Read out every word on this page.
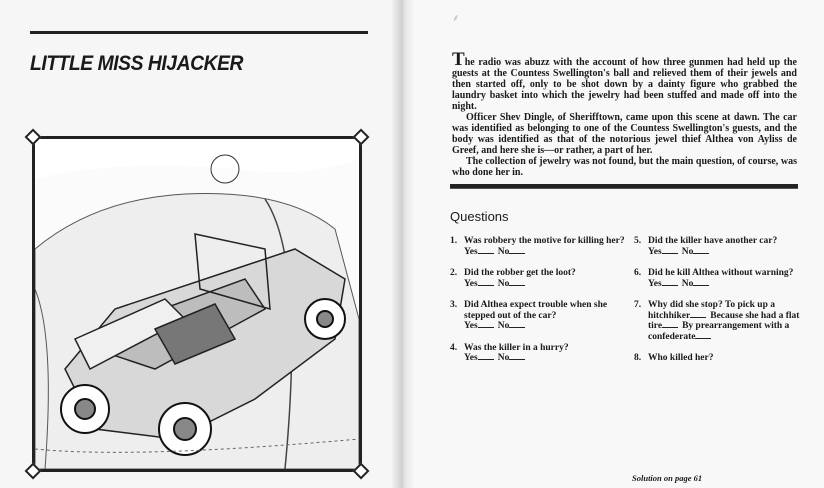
LITTLE MISS HIJACKER
⸙

The radio was abuzz with the account of how three gunmen had held up the guests at the Countess Swellington's ball and relieved them of their jewels and then started off, only to be shot down by a dainty figure who grabbed the laundry basket into which the jewelry had been stuffed and made off into the night.

Officer Shev Dingle, of Sherifftown, came upon this scene at dawn. The car was identified as belonging to one of the Countess Swellington's guests, and the body was identified as that of the notorious jewel thief Althea von Ayliss de Greef, and here she is—or rather, a part of her.

The collection of jewelry was not found, but the main question, of course, was who done her in.

Questions
1. Was robbery the motive for killing her? Yes No
2. Did the robber get the loot?
Yes No
3. Did Althea expect trouble when she stepped out of the car?
Yes No
4. Was the killer in a hurry?
Yes No
5. Did the killer have another car?
Yes No
6. Did he kill Althea without warning?
Yes No
7. Why did she stop? To pick up a hitchhiker Because she had a flat tire By prearrangement with a confederate
8. Who killed her?
Solution on page 61
